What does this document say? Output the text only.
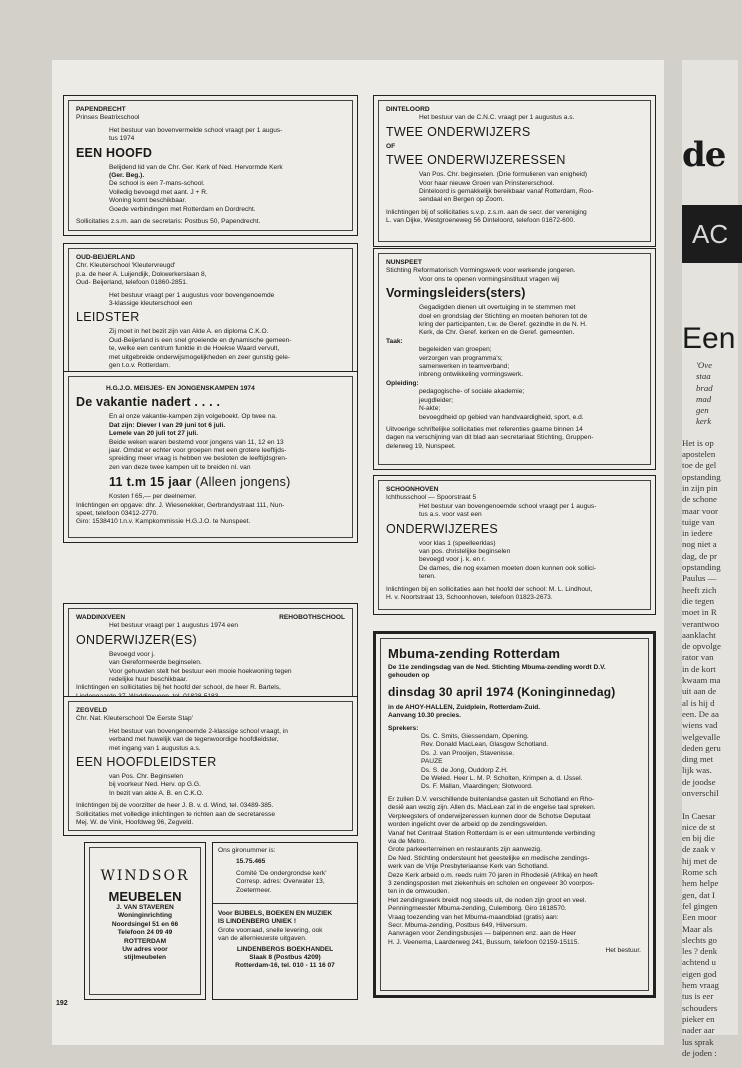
PAPENDRECHT

Prinses Beatrixschool

Het bestuur van bovenvermelde school vraagt per 1 augus-

tus 1974

EEN HOOFD

Belijdend lid van de Chr. Ger. Kerk of Ned. Hervormde Kerk

(Ger. Beg.).

De school is een 7-mans-school.

Volledig bevoegd met aant. J + R.

Woning komt beschikbaar.

Goede verbindingen met Rotterdam en Dordrecht.

Sollicitaties z.s.m. aan de secretaris: Postbus 50, Papendrecht.

OUD-BEIJERLAND

Chr. Kleuterschool 'Kleutervreugd'

p.a. de heer A. Luijendijk, Dokwerkerslaan 8,

Oud- Beijerland, telefoon 01860-2851.

Het bestuur vraagt per 1 augustus voor bovengenoemde

3-klassige kleuterschool een

LEIDSTER

Zij moet in het bezit zijn van Akte A. en diploma C.K.O.

Oud-Beijerland is een snel groeiende en dynamische gemeen-

te, welke een centrum funktie in de Hoekse Waard vervult,

met uitgebreide onderwijsmogelijkheden en zeer gunstig gele-

gen t.o.v. Rotterdam.

H.G.J.O. MEISJES- EN JONGENSKAMPEN 1974

De vakantie nadert . . . .

En al onze vakantie-kampen zijn volgeboekt. Op twee na.

Dat zijn: Diever I van 29 juni tot 6 juli.

Lemele van 20 juli tot 27 juli.

Beide weken waren bestemd voor jongens van 11, 12 en 13

jaar. Omdat er echter voor groepen met een grotere leeftijds-

spreiding meer vraag is hebben we besloten de leeftijdsgren-

zen van deze twee kampen uit te breiden nl. van

11 t.m 15 jaar (Alleen jongens)

Kosten f 65,— per deelnemer.

Inlichtingen en opgave: dhr. J. Wiesenekker, Gerbrandystraat 111, Nun-

speet, telefoon 03412-2770.

Giro: 1538410 t.n.v. Kampkommissie H.G.J.O. te Nunspeet.

WADDINXVEEN	REHOBOTHSCHOOL

Het bestuur vraagt per 1 augustus 1974 een

ONDERWIJZER(ES)

Bevoegd voor j.

van Gereformeerde beginselen.

Voor gehuwden stelt het bestuur een mooie hoekwoning tegen

redelijke huur beschikbaar.

Inlichtingen en sollicitaties bij het hoofd der school, de heer R. Bartels,

ZEGVELD

Chr. Nat. Kleuterschool 'De Eerste Stap'

Het bestuur van bovengenoemde 2-klassige school vraagt, in

verband met huwelijk van de tegenwoordige hoofdleidster,

met ingang van 1 augustus a.s.

EEN HOOFDLEIDSTER

van Pos. Chr. Beginselen

bij voorkeur Ned. Herv. op G.G.

In bezit van akte A. B. en C.K.O.

Inlichtingen bij de voorzitter de heer J. B. v. d. Wind, tel. 03489-385.

Sollicitaties met volledige inlichtingen te richten aan de secretaresse

Mej. W. de Vink, Hoofdweg 96, Zegveld.

WINDSOR

MEUBELEN

J. VAN STAVEREN

Woninginrichting

Noordsingel 51 en 66

Telefoon 24 09 49

ROTTERDAM

Uw adres voor

stijlmeubelen

Ons gironummer is:

15.75.465

Comité 'De ondergrondse kerk'

Corresp. adres: Overwater 13,

Zoetermeer.

Voor BIJBELS, BOEKEN EN MUZIEK

IS LINDENBERG UNIEK !

Grote voorraad, snelle levering, ook

van de allernieuwste uitgaven.

LINDENBERGS BOEKHANDEL

Slaak 8 (Postbus 4209)

Rotterdam-16, tel. 010 - 11 16 07

DINTELOORD

Het bestuur van de C.N.C. vraagt per 1 augustus a.s.

TWEE ONDERWIJZERS

OF

TWEE ONDERWIJZERESSEN

Van Pos. Chr. beginselen. (Drie formulieren van enigheid)

Voor haar nieuwe Groen van Prinstererschool.

Dinteloord is gemakkelijk bereikbaar vanaf Rotterdam, Roo-

sendaal en Bergen op Zoom.

Inlichtingen bij of sollicitaties s.v.p. z.s.m. aan de secr. der vereniging

L. van Dijke, Westgroeneweg 56 Dinteloord, telefoon 01672-600.

NUNSPEET

Stichting Reformatorisch Vormingswerk voor werkende jongeren.

Voor ons te openen vormingsinstituut vragen wij

Vormingsleiders(sters)

Gegadigden dienen uit overtuiging in te stemmen met

doel en grondslag der Stichting en moeten behoren tot de

kring der participanten, t.w. de Geref. gezindte in de N. H.

Kerk, de Chr. Geref. kerken en de Geref. gemeenten.

Taak:

begeleiden van groepen;

verzorgen van programma's;

samenwerken in teamverband;

inbreng ontwikkeling vormingswerk.

Opleiding:

pedagogische- of sociale akademie;

jeugdleider;

N-akte;

bevoegdheid op gebied van handvaardigheid, sport, e.d.

Uitvoerige schriftelijke sollicitaties met referenties gaarne binnen 14

dagen na verschijning van dit blad aan secretariaat Stichting, Gruppen-

delerweg 19, Nunspeet.

SCHOONHOVEN

Ichthusschool — Spoorstraat 5

Het bestuur van bovengenoemde school vraagt per 1 augus-

tus a.s. voor vast een

ONDERWIJZERES

voor klas 1 (speelleerklas)

van pos. christelijke beginselen

bevoegd voor j. k. en r.

De dames, die nog examen moeten doen kunnen ook sollici-

teren.

Inlichtingen bij en sollicitaties aan het hoofd der school: M. L. Lindhout,

H. v. Noortstraat 13, Schoonhoven, telefoon 01823-2673.

Mbuma-zending Rotterdam

De 11e zendingsdag van de Ned. Stichting Mbuma-zending wordt D.V.

gehouden op

dinsdag 30 april 1974 (Koninginnedag)

in de AHOY-HALLEN, Zuidplein, Rotterdam-Zuid.

Aanvang 10.30 precies.

Sprekers:

Ds. C. Smits, Giessendam, Opening.

Rev. Donald MacLean, Glasgow Schotland.

Ds. J. van Prooijen, Stavenisse.

PAUZE

Ds. S. de Jong, Ouddorp Z.H.

De Weled. Heer L. M. P. Scholten, Krimpen a. d. IJssel.

Ds. F. Mallan, Vlaardingen; Slotwoord.

Er zullen D.V. verschillende buitenlandse gasten uit Schotland en Rho-

desië aan wezig zijn. Allen ds. MacLean zal in de engelse taal spreken.

Verpleegsters of onderwijzeressen kunnen door de Schotse Deputaat

worden ingelicht over de arbeid op de zendingsvelden.

Vanaf het Centraal Station Rotterdam is er een uitmuntende verbinding

via de Metro.

Grote parkeerterreinen en restaurants zijn aanwezig.

De Ned. Stichting ondersteunt het geestelijke en medische zendings-

werk van de Vrije Presbyteriaanse Kerk van Schotland.

Deze Kerk arbeid o.m. reeds ruim 70 jaren in Rhodesië (Afrika) en heeft

3 zendingsposten met ziekenhuis en scholen en ongeveer 30 voorpos-

ten in de omwouden.

Het zendingswerk breidt nog steeds uit, de noden zijn groot en veel.

Penningmeester Mbuma-zending, Culemborg. Giro 1618570.

Vraag toezending van het Mbuma-maandblad (gratis) aan:

Secr. Mbuma-zending, Postbus 649, Hilversum.

Aanvragen voor Zendingsbusjes — balpennen enz. aan de Heer

H. J. Veenema, Laarderweg 241, Bussum, telefoon 02159-15115.

Het bestuur.

192

de
AC
Een
'Ove
staa
brad
mad
gen
kerk
Het is op
apostelen
toe de gel
opstanding
in zijn pin
de schone
maar voor
tuige van
in iedere
nog niet a
dag, de pr
opstanding
Paulus —
heeft zich
die tegen
moet in R
verantwoo
aanklacht
de opvolge
rator van
in de kort
kwaam ma
uit aan de
al is hij d
een. De aa
wiens vad
welgevalle
deden geru
ding met
lijk was.
de joodse
onverschil
In Caesar
nice de st
en bij die
de zaak v
hij met de
Rome sch
hem helpe
gen, dat I
fel gingen
Een moor
Maar als
slechts go
les ? denk
achtend u
eigen god
hem vraag
tus is eer
schouders
pieker en
nader aar
lus sprak
de joden :
